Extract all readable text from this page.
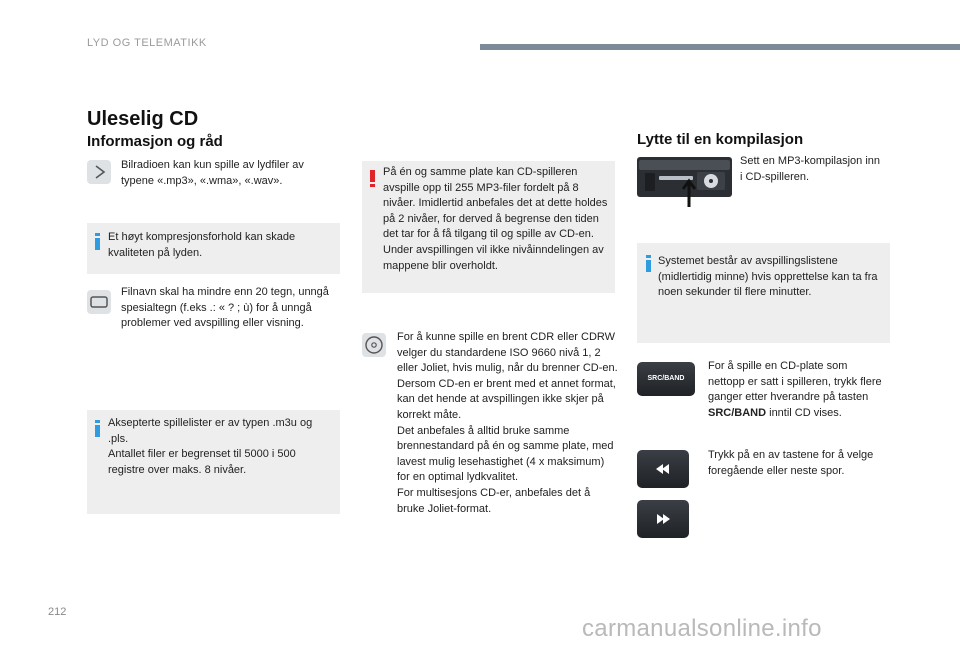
LYD OG TELEMATIKK
Uleselig CD
Informasjon og råd
Bilradioen kan kun spille av lydfiler av typene «.mp3», «.wma», «.wav».
Et høyt kompresjonsforhold kan skade kvaliteten på lyden.
Filnavn skal ha mindre enn 20 tegn, unngå spesialtegn (f.eks .: « ? ; ù) for å unngå problemer ved avspilling eller visning.
Aksepterte spillelister er av typen .m3u og .pls.
Antallet filer er begrenset til 5000 i 500 registre over maks. 8 nivåer.
På én og samme plate kan CD-spilleren avspille opp til 255 MP3-filer fordelt på 8 nivåer. Imidlertid anbefales det at dette holdes på 2 nivåer, for derved å begrense den tiden det tar for å få tilgang til og spille av CD-en.
Under avspillingen vil ikke nivåinndelingen av mappene blir overholdt.
For å kunne spille en brent CDR eller CDRW velger du standardene ISO 9660 nivå 1, 2 eller Joliet, hvis mulig, når du brenner CD-en.
Dersom CD-en er brent med et annet format, kan det hende at avspillingen ikke skjer på korrekt måte.
Det anbefales å alltid bruke samme brennestandard på én og samme plate, med lavest mulig lesehastighet (4 x maksimum) for en optimal lydkvalitet.
For multisesjons CD-er, anbefales det å bruke Joliet-format.
Lytte til en kompilasjon
Sett en MP3-kompilasjon inn i CD-spilleren.
Systemet består av avspillingslistene (midlertidig minne) hvis opprettelse kan ta fra noen sekunder til flere minutter.
SRC/BAND
For å spille en CD-plate som nettopp er satt i spilleren, trykk flere ganger etter hverandre på tasten SRC/BAND inntil CD vises.
Trykk på en av tastene for å velge foregående eller neste spor.
212
carmanualsonline.info
